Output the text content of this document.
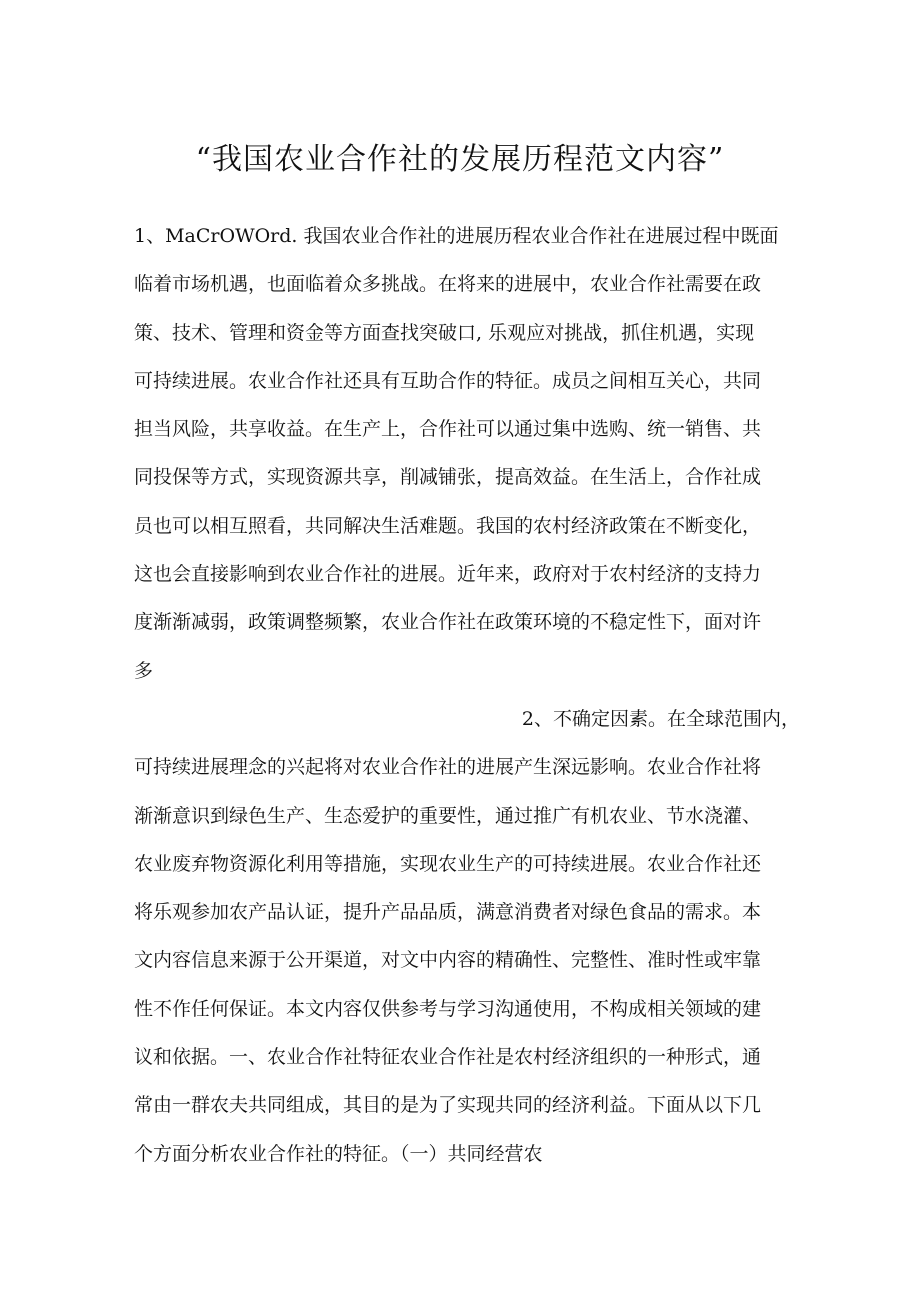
“我国农业合作社的发展历程范文内容”
1、MaCrOWOrd. 我国农业合作社的进展历程农业合作社在进展过程中既面
临着市场机遇，也面临着众多挑战。在将来的进展中，农业合作社需要在政
策、技术、管理和资金等方面查找突破口, 乐观应对挑战，抓住机遇，实现
可持续进展。农业合作社还具有互助合作的特征。成员之间相互关心，共同
担当风险，共享收益。在生产上，合作社可以通过集中选购、统一销售、共
同投保等方式，实现资源共享，削减铺张，提高效益。在生活上，合作社成
员也可以相互照看，共同解决生活难题。我国的农村经济政策在不断变化，
这也会直接影响到农业合作社的进展。近年来，政府对于农村经济的支持力
度渐渐减弱，政策调整频繁，农业合作社在政策环境的不稳定性下，面对许
多
2、不确定因素。在全球范围内，
可持续进展理念的兴起将对农业合作社的进展产生深远影响。农业合作社将
渐渐意识到绿色生产、生态爱护的重要性，通过推广有机农业、节水浇灌、
农业废弃物资源化利用等措施，实现农业生产的可持续进展。农业合作社还
将乐观参加农产品认证，提升产品品质，满意消费者对绿色食品的需求。本
文内容信息来源于公开渠道，对文中内容的精确性、完整性、准时性或牢靠
性不作任何保证。本文内容仅供参考与学习沟通使用，不构成相关领域的建
议和依据。一、农业合作社特征农业合作社是农村经济组织的一种形式，通
常由一群农夫共同组成，其目的是为了实现共同的经济利益。下面从以下几
个方面分析农业合作社的特征。（一）共同经营农
